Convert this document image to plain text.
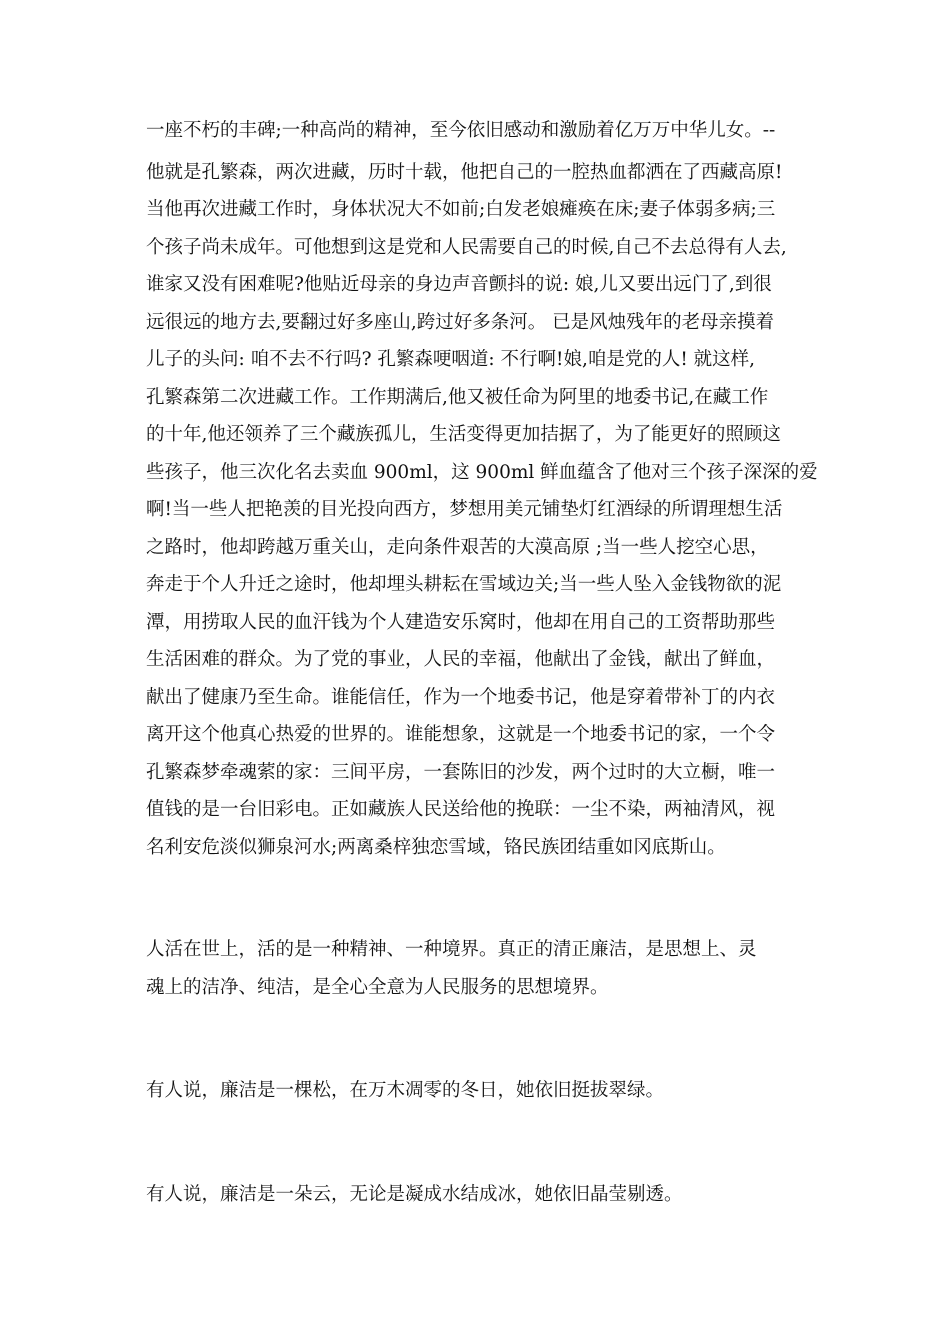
一座不朽的丰碑;一种高尚的精神，至今依旧感动和激励着亿万万中华儿女。--
他就是孔繁森，两次进藏，历时十载，他把自己的一腔热血都洒在了西藏高原!
当他再次进藏工作时，身体状况大不如前;白发老娘瘫痪在床;妻子体弱多病;三
个孩子尚未成年。可他想到这是党和人民需要自己的时候,自己不去总得有人去,
谁家又没有困难呢?他贴近母亲的身边声音颤抖的说: 娘,儿又要出远门了,到很
远很远的地方去,要翻过好多座山,跨过好多条河。 已是风烛残年的老母亲摸着
儿子的头问: 咱不去不行吗? 孔繁森哽咽道: 不行啊!娘,咱是党的人! 就这样,
孔繁森第二次进藏工作。工作期满后,他又被任命为阿里的地委书记,在藏工作
的十年,他还领养了三个藏族孤儿，生活变得更加拮据了，为了能更好的照顾这
些孩子，他三次化名去卖血 900ml，这 900ml 鲜血蕴含了他对三个孩子深深的爱
啊!当一些人把艳羡的目光投向西方，梦想用美元铺垫灯红酒绿的所谓理想生活
之路时，他却跨越万重关山，走向条件艰苦的大漠高原 ;当一些人挖空心思，
奔走于个人升迁之途时，他却埋头耕耘在雪域边关;当一些人坠入金钱物欲的泥
潭，用捞取人民的血汗钱为个人建造安乐窝时，他却在用自己的工资帮助那些
生活困难的群众。为了党的事业，人民的幸福，他献出了金钱，献出了鲜血，
献出了健康乃至生命。谁能信任，作为一个地委书记，他是穿着带补丁的内衣
离开这个他真心热爱的世界的。谁能想象，这就是一个地委书记的家，一个令
孔繁森梦牵魂萦的家：三间平房，一套陈旧的沙发，两个过时的大立橱，唯一
值钱的是一台旧彩电。正如藏族人民送给他的挽联：一尘不染，两袖清风，视
名利安危淡似狮泉河水;两离桑梓独恋雪域，铬民族团结重如冈底斯山。
人活在世上，活的是一种精神、一种境界。真正的清正廉洁，是思想上、灵
魂上的洁净、纯洁，是全心全意为人民服务的思想境界。
有人说，廉洁是一棵松，在万木凋零的冬日，她依旧挺拔翠绿。
有人说，廉洁是一朵云，无论是凝成水结成冰，她依旧晶莹剔透。
